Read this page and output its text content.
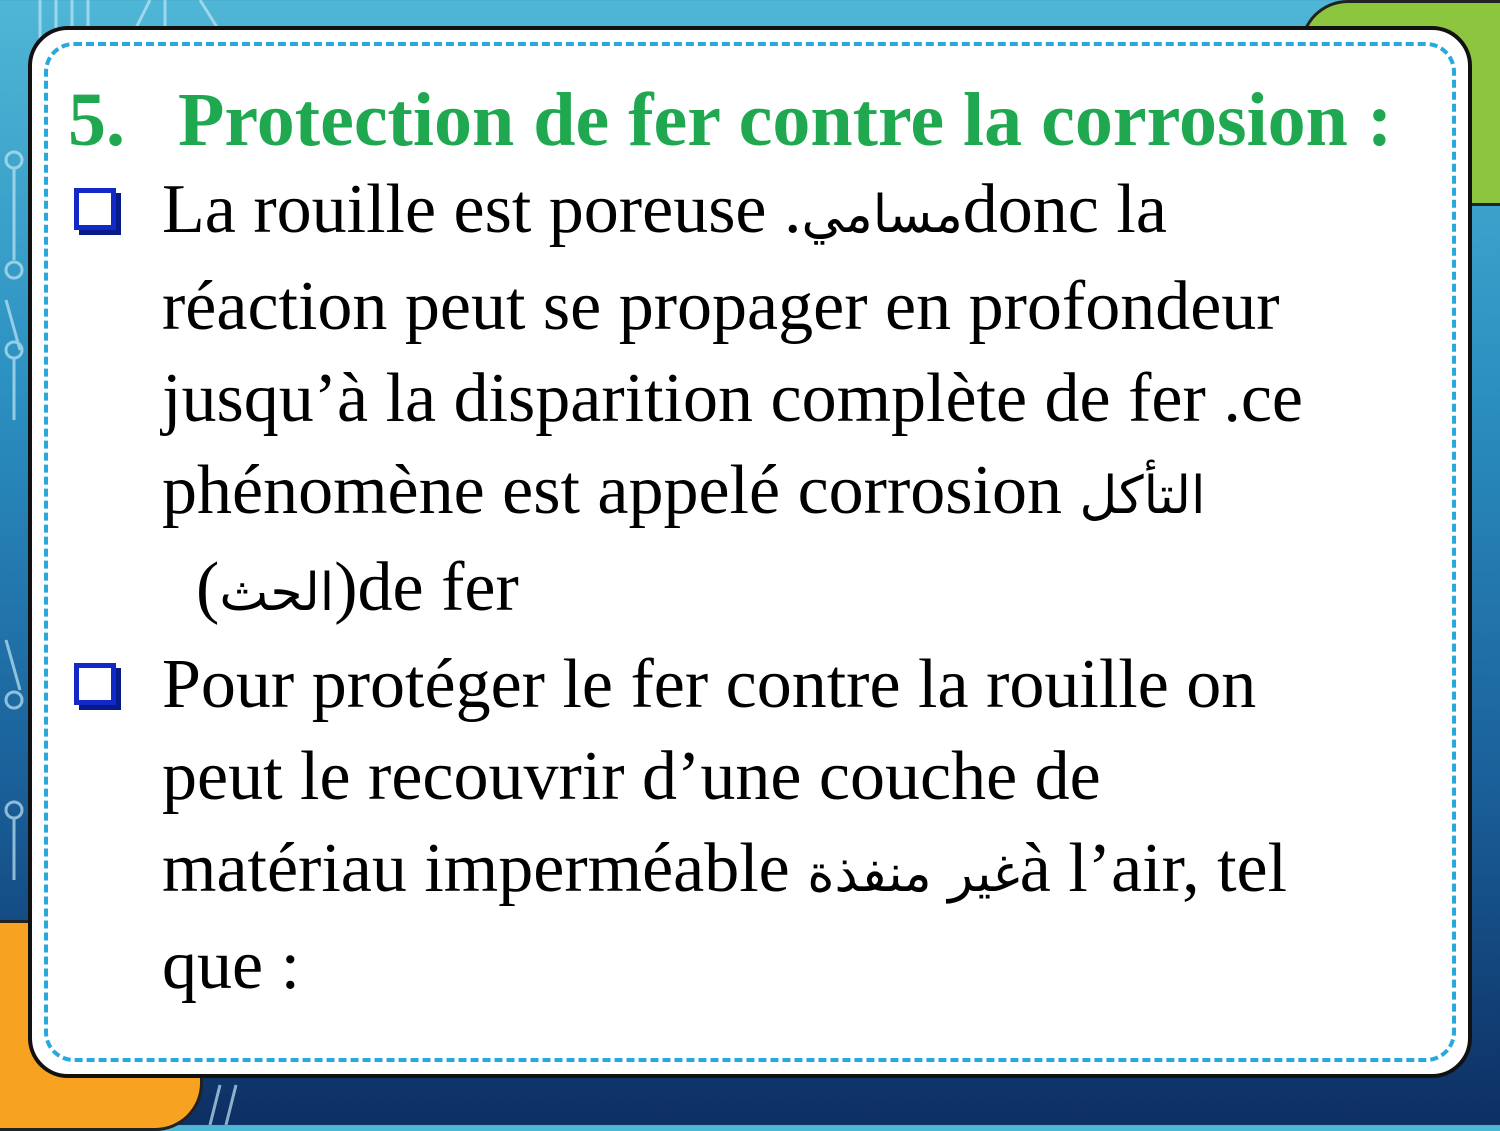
5. Protection de fer contre la corrosion :

La rouille est poreuse .مساميdonc la
réaction peut se propager en profondeur
jusqu’à la disparition complète de fer .ce
phénomène est appelé corrosion التأكل
(الحث)de fer
Pour protéger le fer contre la rouille on
peut le recouvrir d’une couche de
matériau imperméable غير منفذةà l’air, tel
que :
